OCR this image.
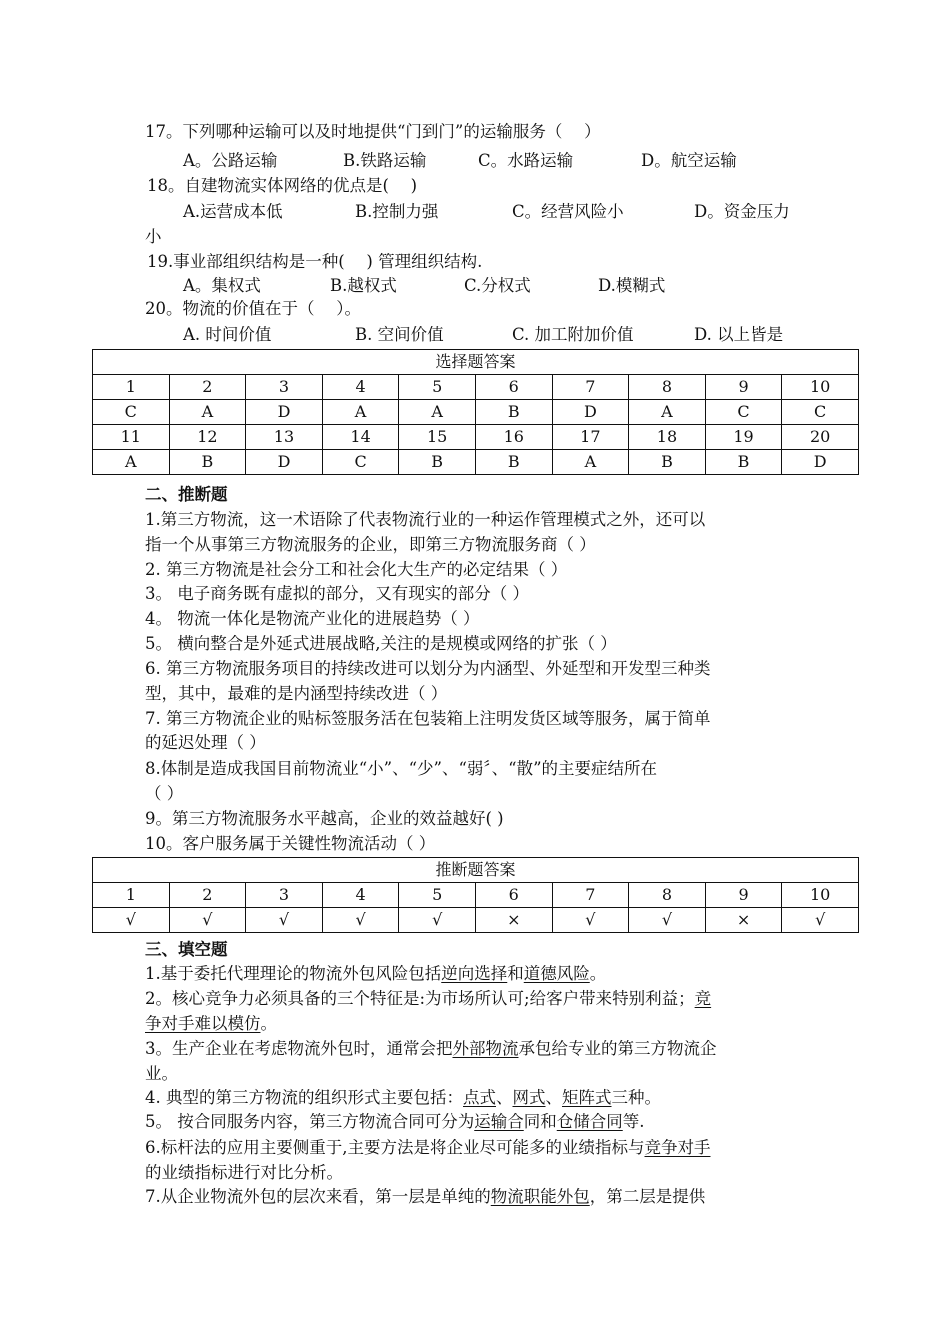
17。下列哪种运输可以及时地提供“门到门”的运输服务（　 ）
A。公路运输	B.铁路运输	C。水路运输	D。航空运输
18。自建物流实体网络的优点是(　 )
A.运营成本低	B.控制力强	C。经营风险小	D。资金压力
小
19.事业部组织结构是一种(　 ) 管理组织结构.
A。集权式	B.越权式	C.分权式	D.模糊式
20。物流的价值在于（　 ）。
A. 时间价值	B. 空间价值	C. 加工附加价值	D. 以上皆是
选择题答案									
1	2	3	4	5	6	7	8	9	10
C	A	D	A	A	B	D	A	C	C
11	12	13	14	15	16	17	18	19	20
A	B	D	C	B	B	A	B	B	D
二、推断题
1.第三方物流，这一术语除了代表物流行业的一种运作管理模式之外，还可以
指一个从事第三方物流服务的企业，即第三方物流服务商（ ）
2. 第三方物流是社会分工和社会化大生产的必定结果（ ）
3。 电子商务既有虚拟的部分，又有现实的部分（ ）
4。 物流一体化是物流产业化的进展趋势（ ）
5。 横向整合是外延式进展战略,关注的是规模或网络的扩张（ ）
6. 第三方物流服务项目的持续改进可以划分为内涵型、外延型和开发型三种类
型，其中，最难的是内涵型持续改进（ ）
7. 第三方物流企业的贴标签服务活在包装箱上注明发货区域等服务，属于简单
的延迟处理（ ）
8.体制是造成我国目前物流业“小”、“少”、“弱〞、“散”的主要症结所在
（ ）
9。第三方物流服务水平越高，企业的效益越好( )
10。客户服务属于关键性物流活动（ ）
推断题答案									
1	2	3	4	5	6	7	8	9	10
√	√	√	√	√	×	√	√	×	√
三、填空题
1.基于委托代理理论的物流外包风险包括逆向选择和道德风险。
2。核心竞争力必须具备的三个特征是:为市场所认可;给客户带来特别利益；竞
争对手难以模仿。
3。生产企业在考虑物流外包时，通常会把外部物流承包给专业的第三方物流企
业。
4. 典型的第三方物流的组织形式主要包括：点式、网式、矩阵式三种。
5。 按合同服务内容，第三方物流合同可分为运输合同和仓储合同等.
6.标杆法的应用主要侧重于,主要方法是将企业尽可能多的业绩指标与竞争对手
的业绩指标进行对比分析。
7.从企业物流外包的层次来看，第一层是单纯的物流职能外包，第二层是提供
